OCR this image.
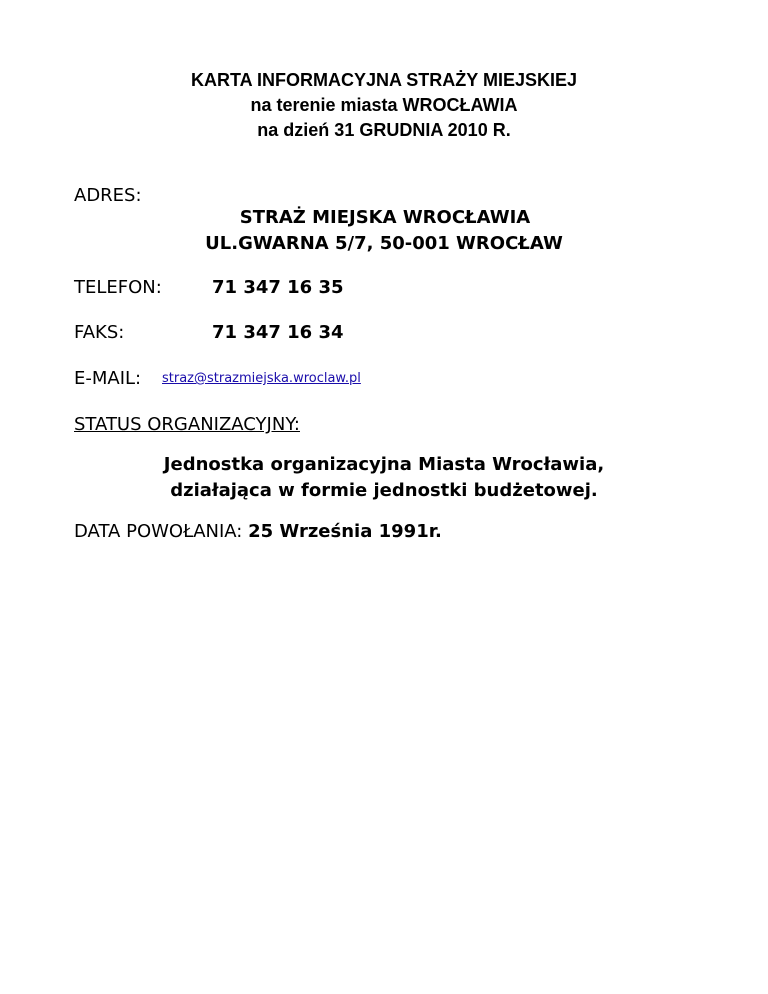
KARTA INFORMACYJNA STRAŻY MIEJSKIEJ
na terenie miasta WROCŁAWIA
na dzień 31 GRUDNIA 2010 R.
ADRES:
STRAŻ MIEJSKA WROCŁAWIA
UL.GWARNA 5/7, 50-001 WROCŁAW
TELEFON:	71 347 16 35
FAKS:	71 347 16 34
E-MAIL: straz@strazmiejska.wroclaw.pl
STATUS ORGANIZACYJNY:
Jednostka organizacyjna Miasta Wrocławia,
działająca w formie jednostki budżetowej.
DATA POWOŁANIA: 25 Września 1991r.
